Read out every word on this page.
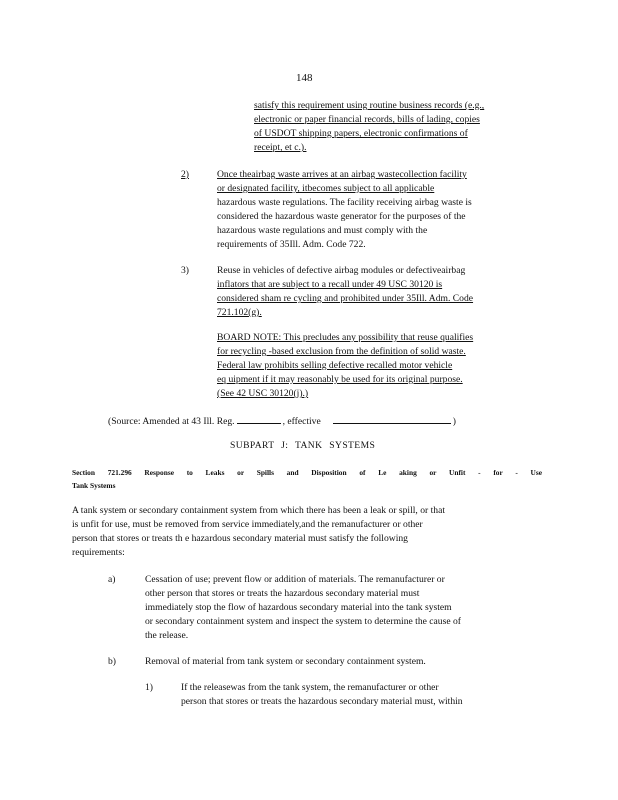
148
satisfy this requirement using routine business records (e.g.,
electronic or paper financial records, bills of lading, copies
of USDOT shipping papers, electronic confirmations of
receipt, et c.).
2)	Once theairbag waste arrives at an airbag wastecollection facility
or designated facility, itbecomes subject to all applicable
hazardous waste regulations. The facility receiving airbag waste is
considered the hazardous waste generator for the purposes of the
hazardous waste regulations and must comply with the
requirements of 35Ill. Adm. Code 722.
3)	Reuse in vehicles of defective airbag modules or defectiveairbag
inflators that are subject to a recall under 49 USC 30120 is
considered sham re cycling and prohibited under 35Ill. Adm. Code
721.102(g).
BOARD NOTE: This precludes any possibility that reuse qualifies
for recycling -based exclusion from the definition of solid waste.
Federal law prohibits selling defective recalled motor vehicle
eq uipment if it may reasonably be used for its original purpose.
(See 42 USC 30120(j).)
(Source: Amended at 43 Ill. Reg.	, effective	)
SUBPART J: TANK SYSTEMS
Section 721.296 Response to Leaks or Spills and Disposition of Le aking or Unfit - for - Use
Tank Systems
A tank system or secondary containment system from which there has been a leak or spill, or that
is unfit for use, must be removed from service immediately,and the remanufacturer or other
person that stores or treats th e hazardous secondary material must satisfy the following
requirements:
a)	Cessation of use; prevent flow or addition of materials. The remanufacturer or
other person that stores or treats the hazardous secondary material must
immediately stop the flow of hazardous secondary material into the tank system
or secondary containment system and inspect the system to determine the cause of
the release.
b)	Removal of material from tank system or secondary containment system.
1)	If the releasewas from the tank system, the remanufacturer or other
person that stores or treats the hazardous secondary material must, within
